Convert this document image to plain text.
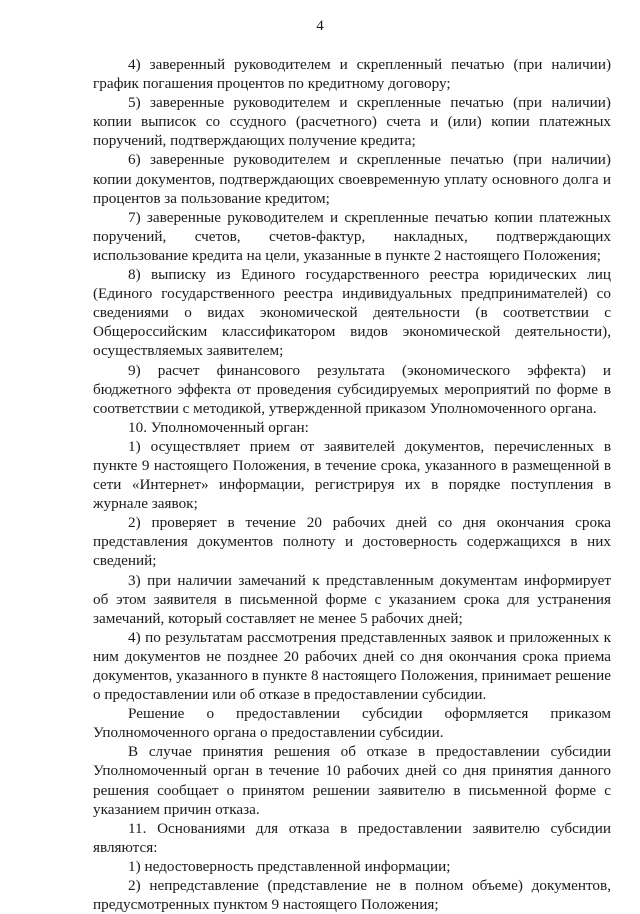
4

4) заверенный руководителем и скрепленный печатью (при наличии) график погашения процентов по кредитному договору;

5) заверенные руководителем и скрепленные печатью (при наличии) копии выписок со ссудного (расчетного) счета и (или) копии платежных поручений, подтверждающих получение кредита;

6) заверенные руководителем и скрепленные печатью (при наличии) копии документов, подтверждающих своевременную уплату основного долга и процентов за пользование кредитом;

7) заверенные руководителем и скрепленные печатью копии платежных поручений, счетов, счетов-фактур, накладных, подтверждающих использование кредита на цели, указанные в пункте 2 настоящего Положения;

8) выписку из Единого государственного реестра юридических лиц (Единого государственного реестра индивидуальных предпринимателей) со сведениями о видах экономической деятельности (в соответствии с Общероссийским классификатором видов экономической деятельности), осуществляемых заявителем;

9) расчет финансового результата (экономического эффекта) и бюджетного эффекта от проведения субсидируемых мероприятий по форме в соответствии с методикой, утвержденной приказом Уполномоченного органа.

10. Уполномоченный орган:

1) осуществляет прием от заявителей документов, перечисленных в пункте 9 настоящего Положения, в течение срока, указанного в размещенной в сети «Интернет» информации, регистрируя их в порядке поступления в журнале заявок;

2) проверяет в течение 20 рабочих дней со дня окончания срока представления документов полноту и достоверность содержащихся в них сведений;

3) при наличии замечаний к представленным документам информирует об этом заявителя в письменной форме с указанием срока для устранения замечаний, который составляет не менее 5 рабочих дней;

4) по результатам рассмотрения представленных заявок и приложенных к ним документов не позднее 20 рабочих дней со дня окончания срока приема документов, указанного в пункте 8 настоящего Положения, принимает решение о предоставлении или об отказе в предоставлении субсидии.

Решение о предоставлении субсидии оформляется приказом Уполномоченного органа о предоставлении субсидии.

В случае принятия решения об отказе в предоставлении субсидии Уполномоченный орган в течение 10 рабочих дней со дня принятия данного решения сообщает о принятом решении заявителю в письменной форме с указанием причин отказа.

11. Основаниями для отказа в предоставлении заявителю субсидии являются:

1) недостоверность представленной информации;

2) непредставление (представление не в полном объеме) документов, предусмотренных пунктом 9 настоящего Положения;
